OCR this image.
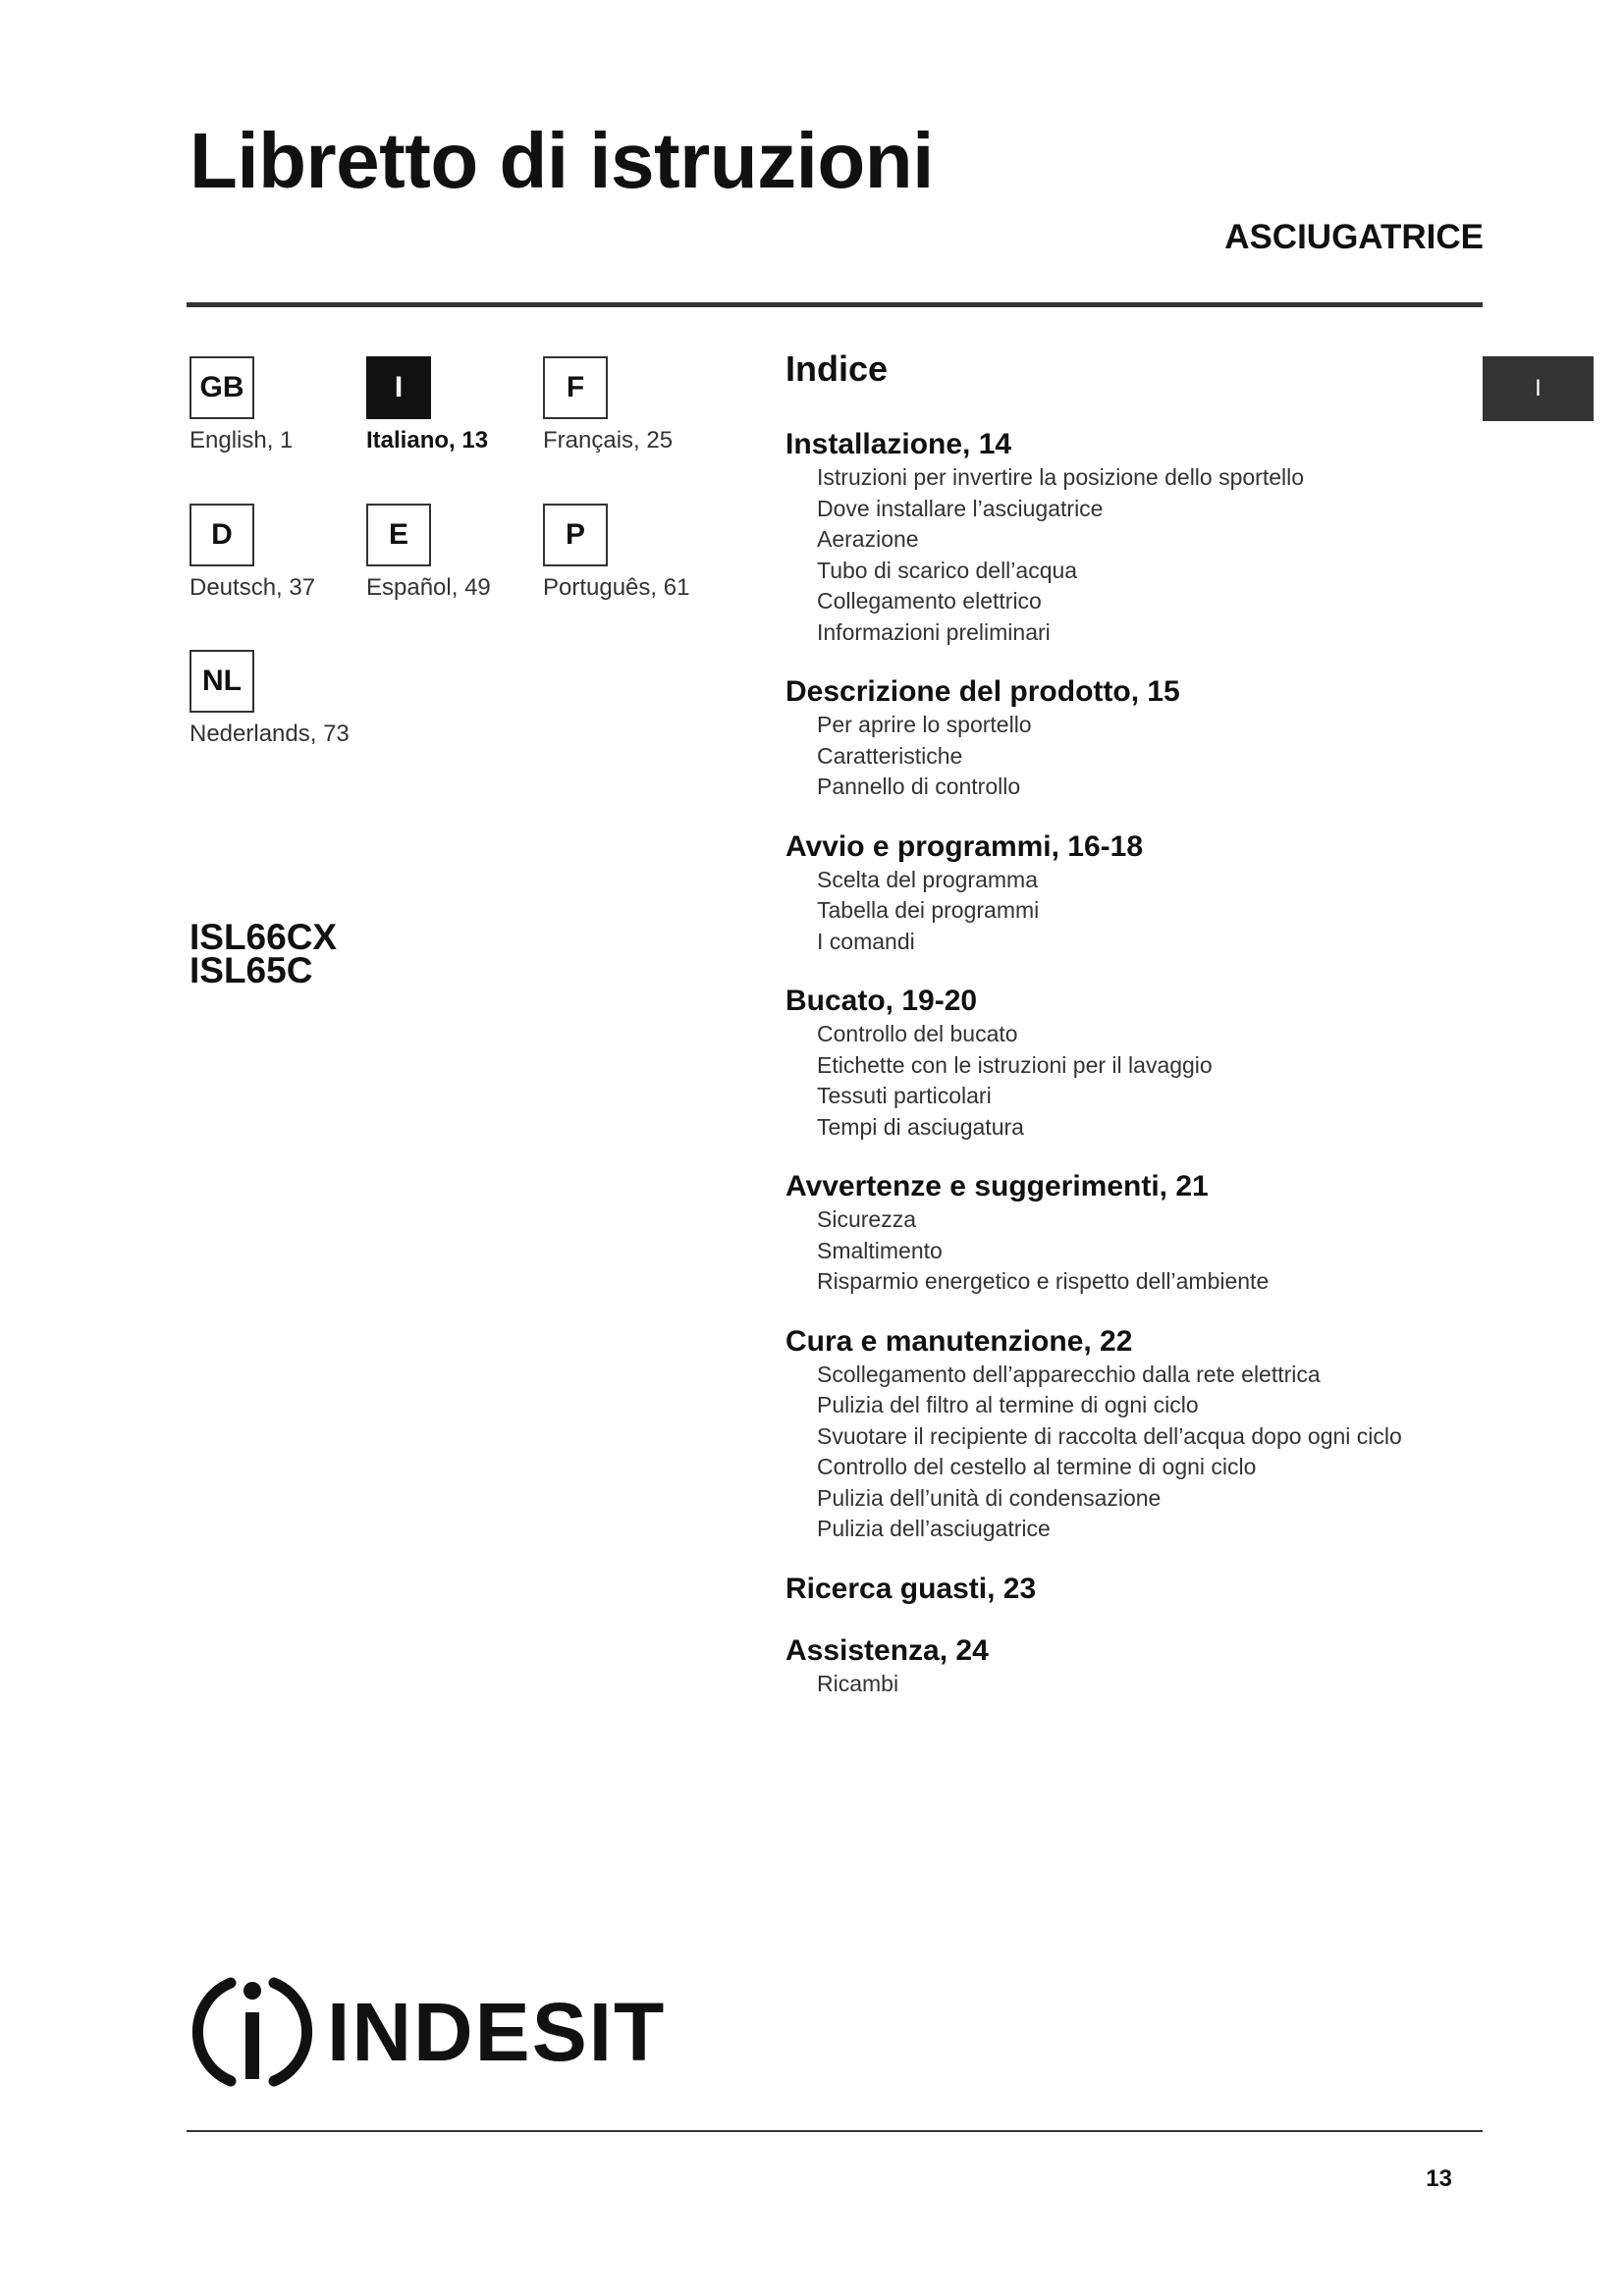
Libretto di istruzioni
ASCIUGATRICE
I
GB
English, 1
I
Italiano, 13
F
Français, 25
D
Deutsch, 37
E
Español, 49
P
Português, 61
NL
Nederlands, 73
ISL66CX
ISL65C
Indice
Installazione, 14
Istruzioni per invertire la posizione dello sportello
Dove installare l’asciugatrice
Aerazione
Tubo di scarico dell’acqua
Collegamento elettrico
Informazioni preliminari
Descrizione del prodotto, 15
Per aprire lo sportello
Caratteristiche
Pannello di controllo
Avvio e programmi, 16-18
Scelta del programma
Tabella dei programmi
I comandi
Bucato, 19-20
Controllo del bucato
Etichette con le istruzioni per il lavaggio
Tessuti particolari
Tempi di asciugatura
Avvertenze e suggerimenti, 21
Sicurezza
Smaltimento
Risparmio energetico e rispetto dell’ambiente
Cura e manutenzione, 22
Scollegamento dell’apparecchio dalla rete elettrica
Pulizia del filtro al termine di ogni ciclo
Svuotare il recipiente di raccolta dell’acqua dopo ogni ciclo
Controllo del cestello al termine di ogni ciclo
Pulizia dell’unità di condensazione
Pulizia dell’asciugatrice
Ricerca guasti, 23
Assistenza, 24
Ricambi
INDESIT
13
